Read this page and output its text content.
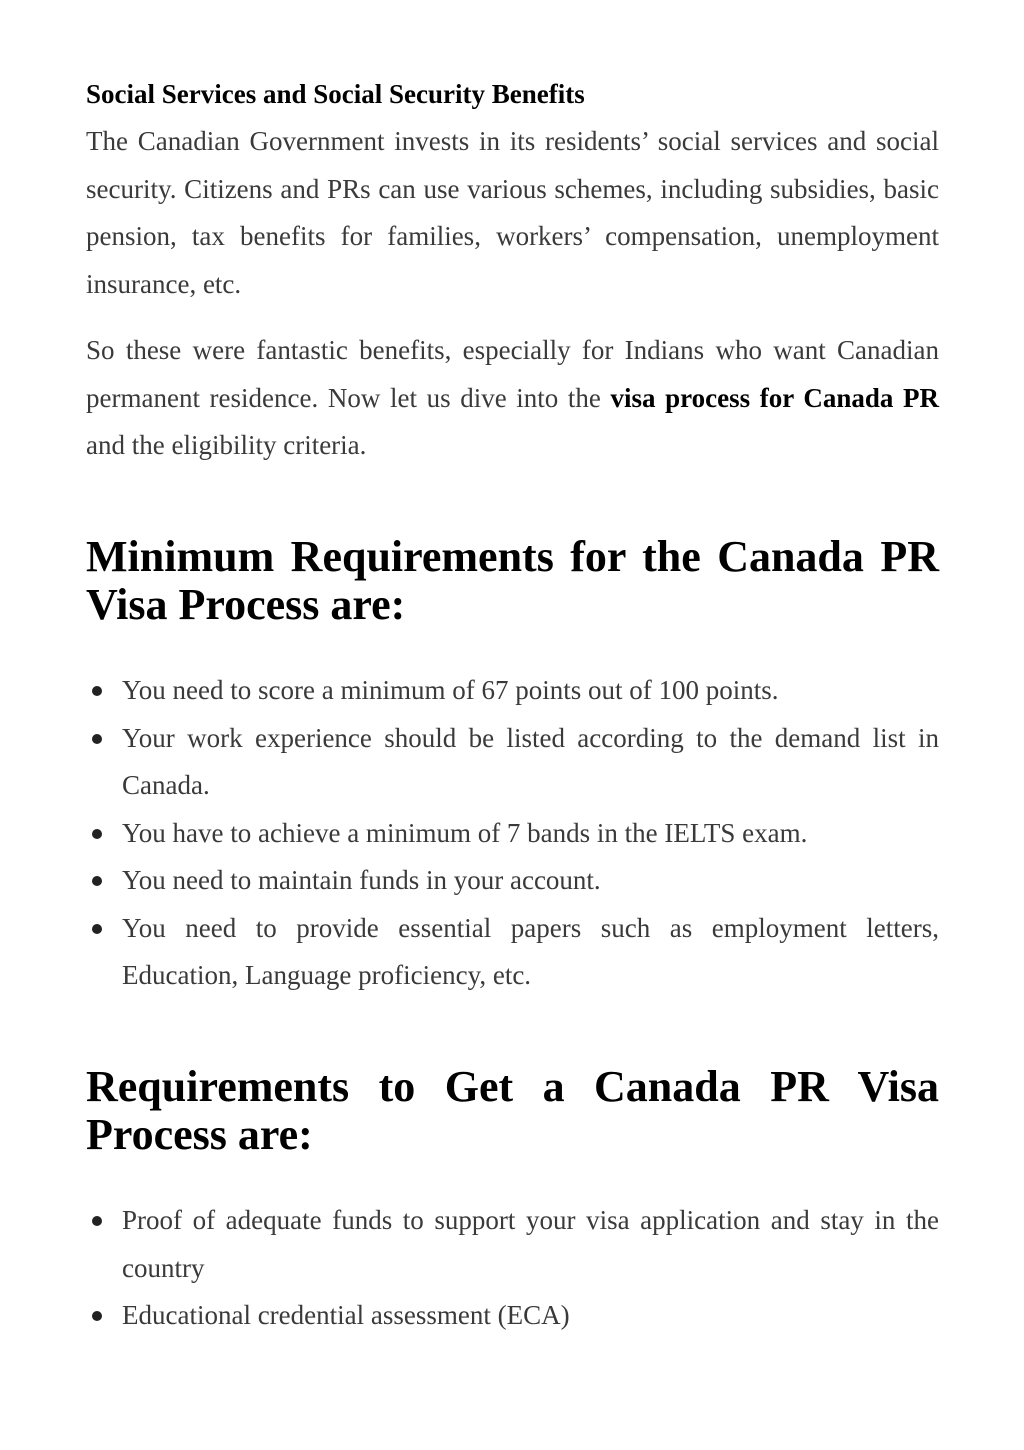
Social Services and Social Security Benefits

The Canadian Government invests in its residents’ social services and social security. Citizens and PRs can use various schemes, including subsidies, basic pension, tax benefits for families, workers’ compensation, unemployment insurance, etc.

So these were fantastic benefits, especially for Indians who want Canadian permanent residence. Now let us dive into the visa process for Canada PR and the eligibility criteria.

Minimum Requirements for the Canada PR Visa Process are:
You need to score a minimum of 67 points out of 100 points.
Your work experience should be listed according to the demand list in Canada.
You have to achieve a minimum of 7 bands in the IELTS exam.
You need to maintain funds in your account.
You need to provide essential papers such as employment letters, Education, Language proficiency, etc.
Requirements to Get a Canada PR Visa Process are:
Proof of adequate funds to support your visa application and stay in the country
Educational credential assessment (ECA)
